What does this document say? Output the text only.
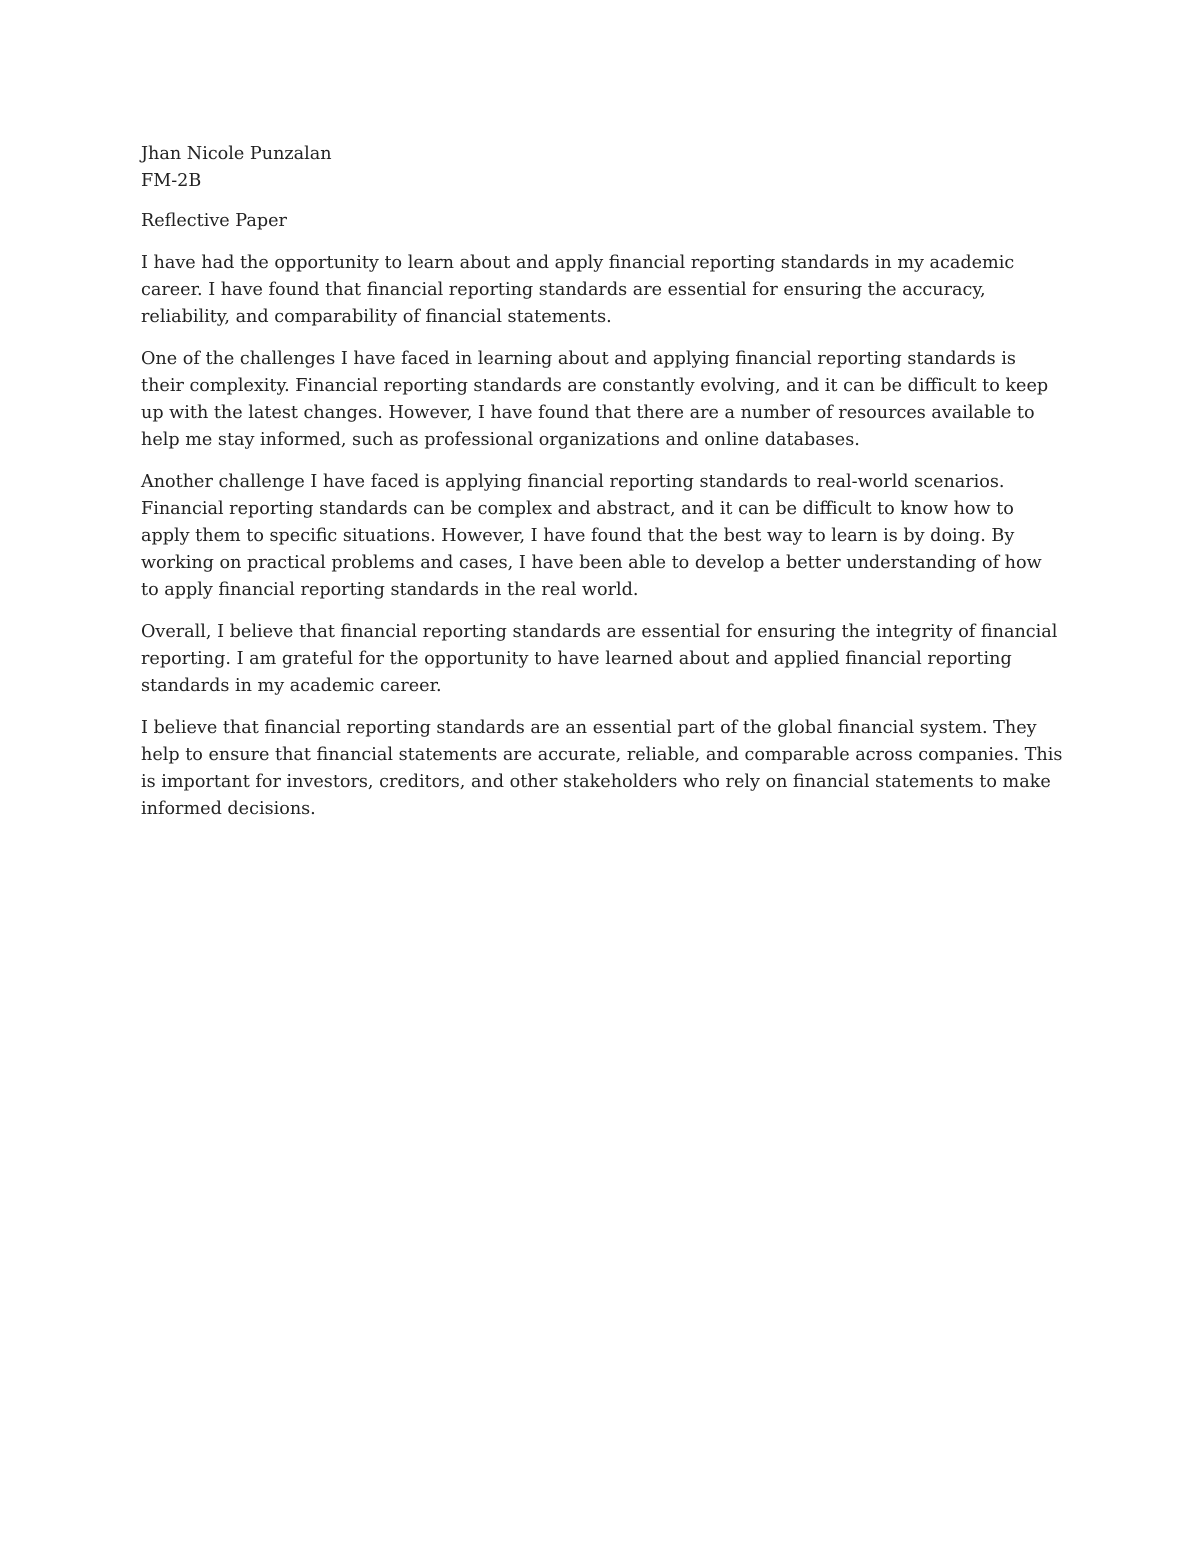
Jhan Nicole Punzalan

FM-2B

Reflective Paper

I have had the opportunity to learn about and apply financial reporting standards in my academic career. I have found that financial reporting standards are essential for ensuring the accuracy, reliability, and comparability of financial statements.

One of the challenges I have faced in learning about and applying financial reporting standards is their complexity. Financial reporting standards are constantly evolving, and it can be difficult to keep up with the latest changes. However, I have found that there are a number of resources available to help me stay informed, such as professional organizations and online databases.

Another challenge I have faced is applying financial reporting standards to real-world scenarios. Financial reporting standards can be complex and abstract, and it can be difficult to know how to apply them to specific situations. However, I have found that the best way to learn is by doing. By working on practical problems and cases, I have been able to develop a better understanding of how to apply financial reporting standards in the real world.

Overall, I believe that financial reporting standards are essential for ensuring the integrity of financial reporting. I am grateful for the opportunity to have learned about and applied financial reporting standards in my academic career.

I believe that financial reporting standards are an essential part of the global financial system. They help to ensure that financial statements are accurate, reliable, and comparable across companies. This is important for investors, creditors, and other stakeholders who rely on financial statements to make informed decisions.
